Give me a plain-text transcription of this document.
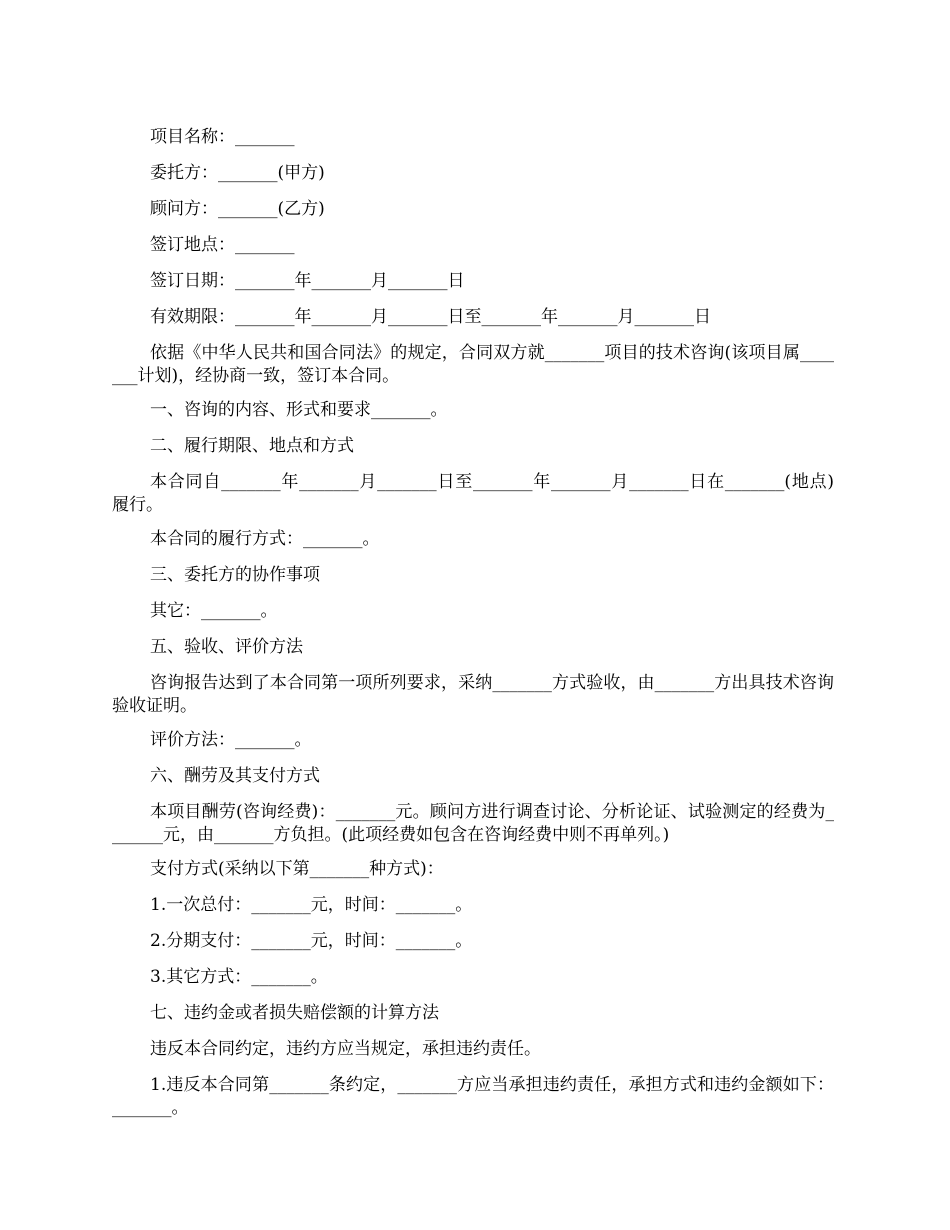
项目名称：_______
委托方：_______(甲方)
顾问方：_______(乙方)
签订地点：_______
签订日期：_______年_______月_______日
有效期限：_______年_______月_______日至_______年_______月_______日
依据《中华人民共和国合同法》的规定，合同双方就_______项目的技术咨询(该项目属_______计划)，经协商一致，签订本合同。
一、咨询的内容、形式和要求_______。
二、履行期限、地点和方式
本合同自_______年_______月_______日至_______年_______月_______日在_______(地点)履行。
本合同的履行方式：_______。
三、委托方的协作事项
其它：_______。
五、验收、评价方法
咨询报告达到了本合同第一项所列要求，采纳_______方式验收，由_______方出具技术咨询验收证明。
评价方法：_______。
六、酬劳及其支付方式
本项目酬劳(咨询经费)：_______元。顾问方进行调查讨论、分析论证、试验测定的经费为_______元，由_______方负担。(此项经费如包含在咨询经费中则不再单列。)
支付方式(采纳以下第_______种方式)：
1.一次总付：_______元，时间：_______。
2.分期支付：_______元，时间：_______。
3.其它方式：_______。
七、违约金或者损失赔偿额的计算方法
违反本合同约定，违约方应当规定，承担违约责任。
1.违反本合同第_______条约定，_______方应当承担违约责任，承担方式和违约金额如下：_______。
